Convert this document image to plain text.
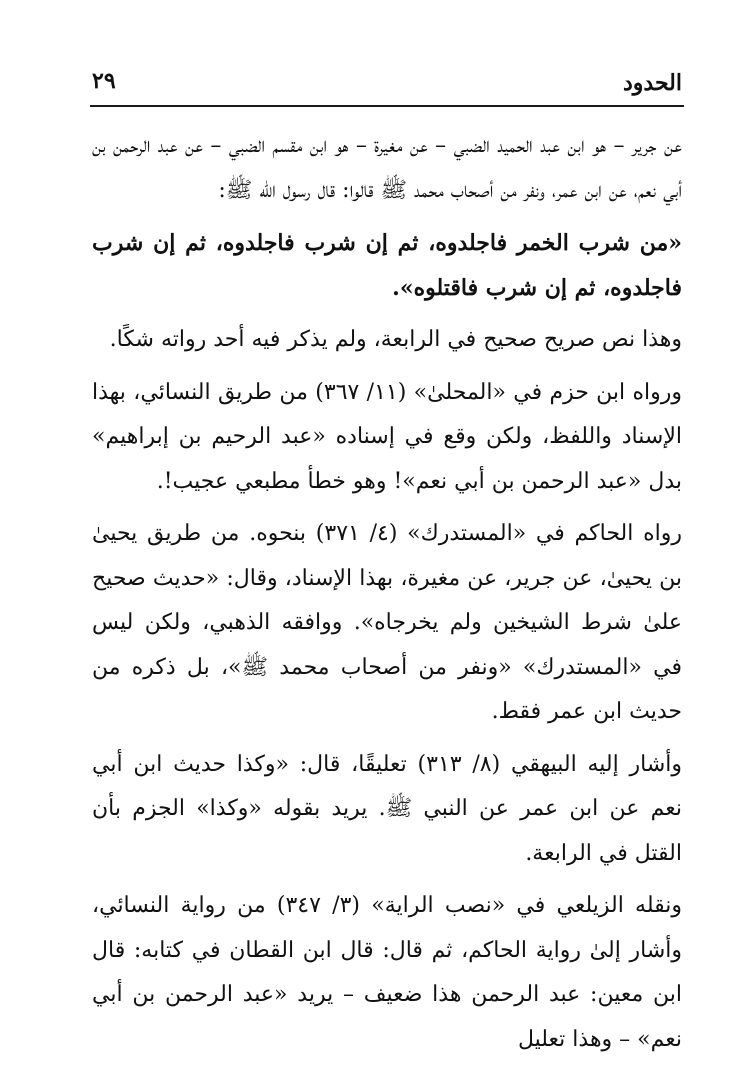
الحدود
٢٩

عن جرير – هو ابن عبد الحميد الضبي – عن مغيرة – هو ابن مقسم الضبي – عن عبد الرحمن بن أبي نعم، عن ابن عمر، ونفر من أصحاب محمد ﷺ قالوا: قال رسول اللّه ﷺ:

«من شرب الخمر فاجلدوه، ثم إن شرب فاجلدوه، ثم إن شرب فاجلدوه، ثم إن شرب فاقتلوه».

وهذا نص صريح صحيح في الرابعة، ولم يذكر فيه أحد رواته شكًا.

ورواه ابن حزم في «المحلىٰ» (١١/ ٣٦٧) من طريق النسائي، بهذا الإسناد واللفظ، ولكن وقع في إسناده «عبد الرحيم بن إبراهيم» بدل «عبد الرحمن بن أبي نعم»! وهو خطأ مطبعي عجيب!.

رواه الحاكم في «المستدرك» (٤/ ٣٧١) بنحوه. من طريق يحيىٰ بن يحيىٰ، عن جرير، عن مغيرة، بهذا الإسناد، وقال: «حديث صحيح علىٰ شرط الشيخين ولم يخرجاه». ووافقه الذهبي، ولكن ليس في «المستدرك» «ونفر من أصحاب محمد ﷺ»، بل ذكره من حديث ابن عمر فقط.

وأشار إليه البيهقي (٨/ ٣١٣) تعليقًا، قال: «وكذا حديث ابن أبي نعم عن ابن عمر عن النبي ﷺ. يريد بقوله «وكذا» الجزم بأن القتل في الرابعة.

ونقله الزيلعي في «نصب الراية» (٣/ ٣٤٧) من رواية النسائي، وأشار إلىٰ رواية الحاكم، ثم قال: قال ابن القطان في كتابه: قال ابن معين: عبد الرحمن هذا ضعيف – يريد «عبد الرحمن بن أبي نعم» – وهذا تعليل
